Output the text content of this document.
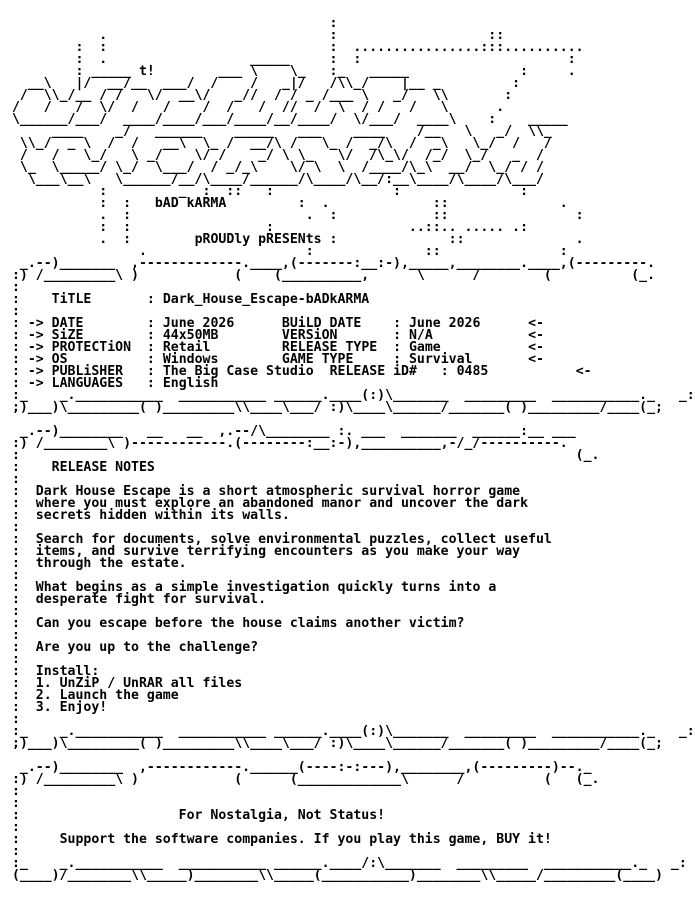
:
.                            :                   ::
:  :                            :  ................:::..........
:  .                  _____     :  :                          :
: _____ t!        ___ \    \_   :_   _____              :     .
__\   |/  __/__  ___/  /    /   _|/   /\\_/    |__ _         :
/  \\_/__ / /   \/  __\/   _//  / / _ /___ \   _/   \\       :
/   /   /  \/  /   /    /  /   /  //  /  \  / /   /   \      .
\______/___/  ____/____/___/____/__/____/  \/___/  ____\    :    _____
____    _/   ______    _____   ___    ____    /__   \   _/  \\_
\\_/  _ \  /  /   __\  \_ /  __/\ /   \_ /  _/\  /  _\   \_/  /   /
/   /   \_/   \ _/    \/ /    _/ \ \_   \/  /\_\/  /_/  \_/   _  /
\_  \_____/ \_/  \___/  / _/_\    \/ \  \  /____/\_\  __/  \_/ / /
\___\__\   \______/__/\____/______/\____/\__/:__\____/\____/\___/
:         _  :  ::   :               :               :
:  :   bAD kARMA	:  .             ::              .
.  :                      .  :            ::                :
:  :                 :                 ..::.. ..... .:
.  :	pROUDly pRESENts :              ::              .
.                    :              ::               :
_.--)_______  ,-------------.____,(-------:__:-),_____,________.____,(---------.
:) /_________\ )            (    (__________,      \      /        (          (_.
:
:    TiTLE       : Dark_House_Escape-bADkARMA
:
: -> DATE        : June 2026	BUiLD DATE    : June 2026	<-
: -> SiZE        : 44x50MB	VERSiON       : N/A	<-
: -> PROTECTiON  : Retail	RELEASE TYPE  : Game	<-
: -> OS          : Windows	GAME TYPE     : Survival	<-
: -> PUBLiSHER   : The Big Case Studio RELEASE iD#   : 0485	<-
: -> LANGUAGES   : English
:_    _.___________  ___________ ______.____(:)\_______  _________  ___________._   _:
;)___)\_________( )_________\\____\___/ :)\____\______/_______( )_________/____(_;

_.--)________   __   __  ,.--/\________ :. ___  _______  ______:__ ___
:) /________\ )------------.(--------:__:-),__________,-/_/----------.
:                                                                      (_.
:    RELEASE NOTES
:
:  Dark House Escape is a short atmospheric survival horror game
:  where you must explore an abandoned manor and uncover the dark
:  secrets hidden within its walls.
:
:  Search for documents, solve environmental puzzles, collect useful
:  items, and survive terrifying encounters as you make your way
:  through the estate.
:
:  What begins as a simple investigation quickly turns into a
:  desperate fight for survival.
:
:  Can you escape before the house claims another victim?
:
:  Are you up to the challenge?
:
:  Install:
:  1. UnZiP / UnRAR all files
:  2. Launch the game
:  3. Enjoy!
:
:_    _.___________  ___________ ______.____(:)\_______  _________  ___________._   _:
;)___)\_________( )_________\\____\___/ :)\____\______/_______( )_________/____(_;

_.--)________  ,------------.______(----:-:---),________,(---------)--._
:) /_________\ )            (      (_____________\      /          (   (_.
:
:
:	For Nostalgia, Not Status!
:
:	Support the software companies. If you play this game, BUY it!
:
:_    _.___________  ___________ ______.____/:\_______  _________  ___________._   _:
(____)/________\\_____)________\\_____(___________)________\\_____/_________(____)
